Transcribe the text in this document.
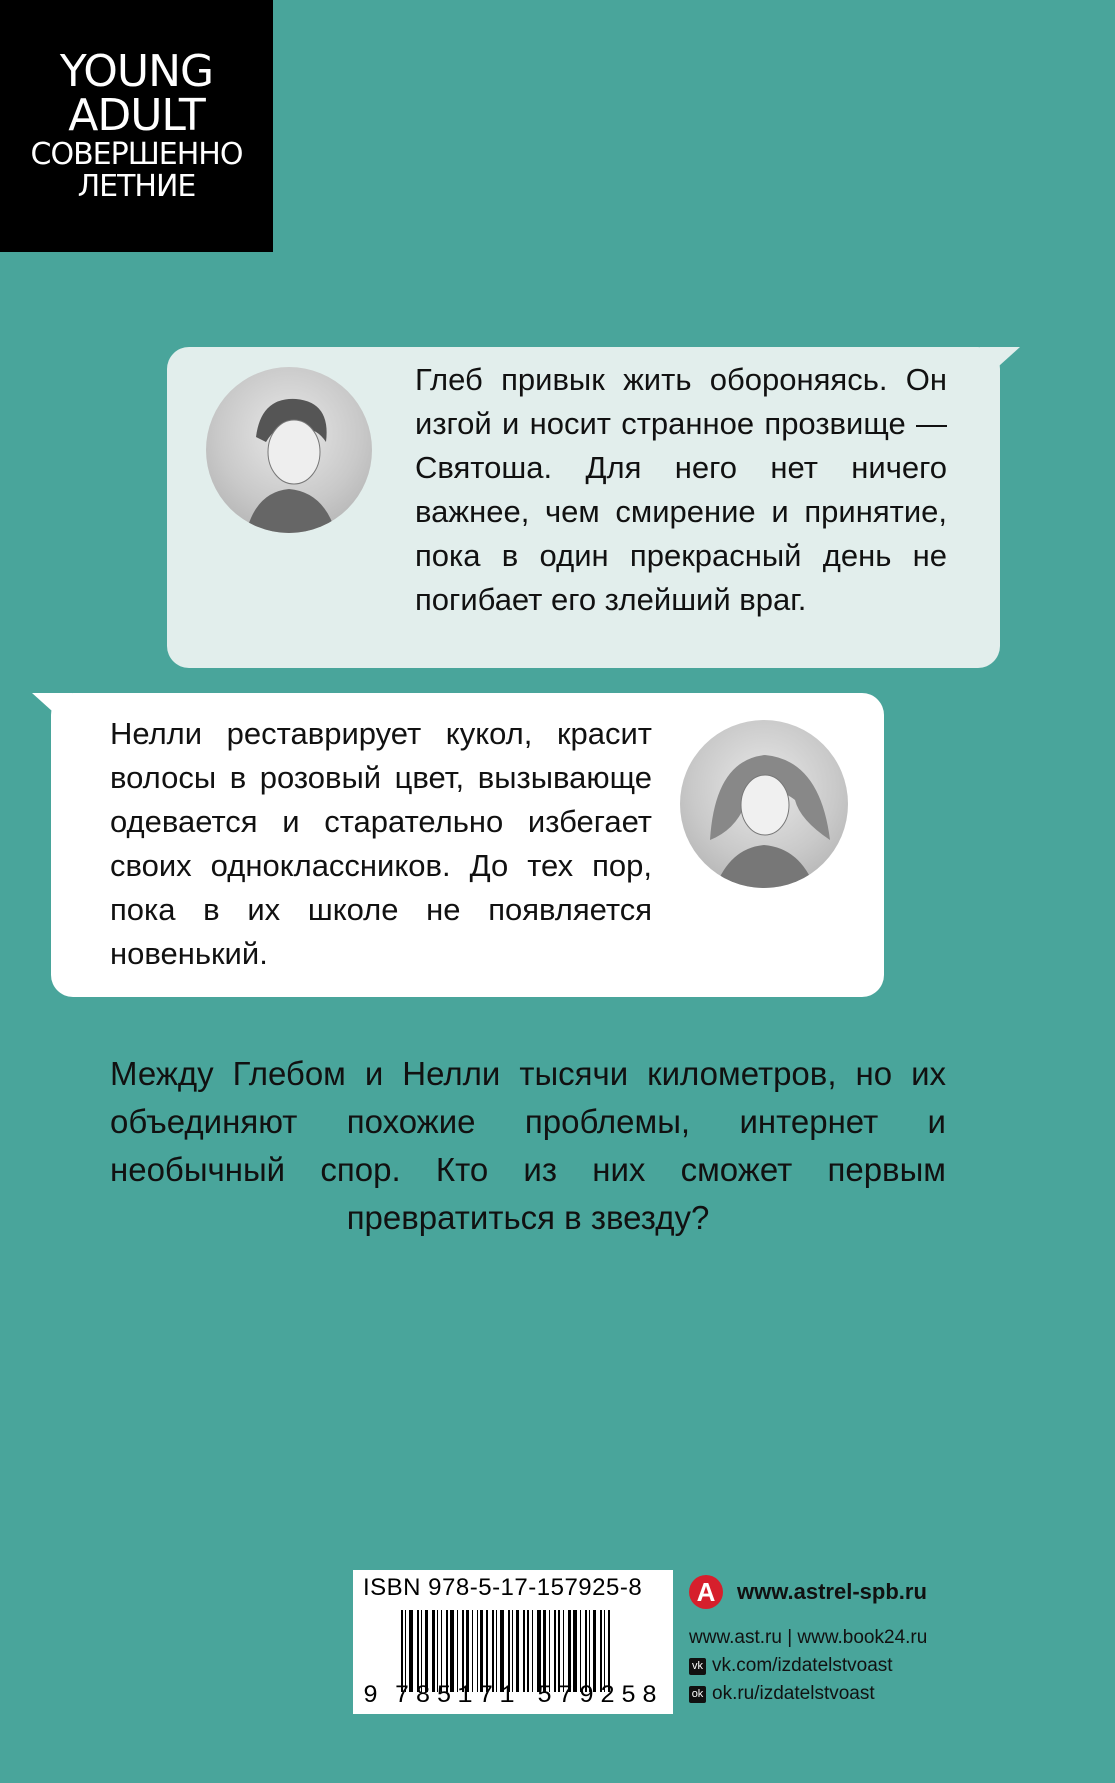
YOUNG
ADULT
СОВЕРШЕННО
ЛЕТНИЕ
Глеб привык жить обороняясь. Он изгой и носит странное прозвище — Святоша. Для него нет ничего важнее, чем смирение и принятие, пока в один прекрасный день не погибает его злейший враг.
Нелли реставрирует кукол, красит волосы в розовый цвет, вызывающе одевается и старательно избегает своих одноклассников. До тех пор, пока в их школе не появляется новенький.
Между Глебом и Нелли тысячи километров, но их объединяют похожие проблемы, интернет и необычный спор. Кто из них сможет первым превратиться в звезду?
ISBN 978-5-17-157925-8
9 785171 579258
А www.astrel-spb.ru
www.ast.ru | www.book24.ru
vk vk.com/izdatelstvoast
ok ok.ru/izdatelstvoast
